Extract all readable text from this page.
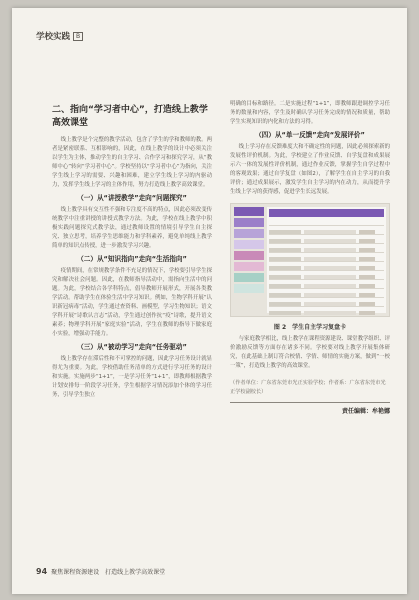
学校实践 B
二、指向“学习者中心”，打造线上教学高效课堂

线上教学是个完整的教学活动，包含了学生的学和教师的教。两者是紧密联系、互相影响的，因此，在线上教学的设计中必须关注以学生为主体，推动学生的自主学习、合作学习和探究学习，从“教师中心”转向“学习者中心”。学校坚持以“学习者中心”为指向，关注学生线上学习的需要、兴趣和困难，建立学生线上学习的内驱动力，发挥学生线上学习的主体作用，努力打造线上教学高效课堂。

（一）从“讲授教学”走向“问题探究”

线上教学具有交互性不强和专注度不高的特点，因此必须改变传统教学中注重讲授的讲授式教学方法。为此，学校在线上教学中积极实践问题探究式教学法，通过教师设置的情境引导学生自主探究、独立思考，培养学生思维能力和学科素养，避免单纯线上教学简单的知识点传授，进一步激发学习兴趣。

（二）从“知识指向”走向“生活指向”

疫情期间，在常规教学条件不充足的情况下，学校要引导学生探究和解决社会问题。因此，在教师指导活动中，需指向生活中的问题。为此，学校结合各学科特点，倡导教师开展形式，开展各类教学活动。帮助学生在体验生活中学习知识。例如，生物学科开展“认识新冠病毒”活动，学生通过查资料、画模型，学习生物知识；语文学科开展“诗歌认言志”活动，学生通过创作抗“疫”诗歌，提升语文素养；物理学科开展“家庭实验”活动，学生在教师的指导下做家庭小实验，增强动手能力。

（三）从“被动学习”走向“任务驱动”

线上教学存在滞后性和不可掌控的问题，因此学习任务设计就显得尤为重要。为此，学校借助任务清单的方式进行学习任务的设计和实施。实施两步“1+1”，一是学习任务“1+1”，即教师根据教学计划安排每一阶段学习任务，学生根据学习情况添加个体的学习任务，引导学生独立

明确的目标和路径。二是实施过程“1+1”，即教师跟进调控学习任务的数量和内容，学生及时确认学习任务完成的情况和质量，帮助学生实现知识的内化和方法的习得。

（四）从“单一反馈”走向“发展评价”

线上学习存在反馈难度大和不确定性的问题，因此必须探索新的发展性评价机制。为此，学校建立了作业反馈、自学复盘和成果展示六一体的发展性评价机制，通过作业反馈，掌握学生自学过程中的客观效果；通过自学复盘（如图2），了解学生在自主学习的自我评价；通过成果展示，激发学生自主学习的内在动力，从而提升学生线上学习的获得感，促进学生长远发展。

图 2　学生自主学习复盘卡

与家庭教学相比，线上教学在课程资源建设、课堂教学组织、评价激励反馈等方面存在诸多不同。学校要对线上教学开展集体研究，在此基础上制订符合校情、学情、师情的实施方案，做到“一校一策”，打造线上教学的高效课堂。

（作者单位：广东省东莞市光正实验学校；作者系：广东省东莞市光正学校副校长）

责任编辑：牟艳娜
94 聚焦课程资源建设　打造线上教学高效课堂
